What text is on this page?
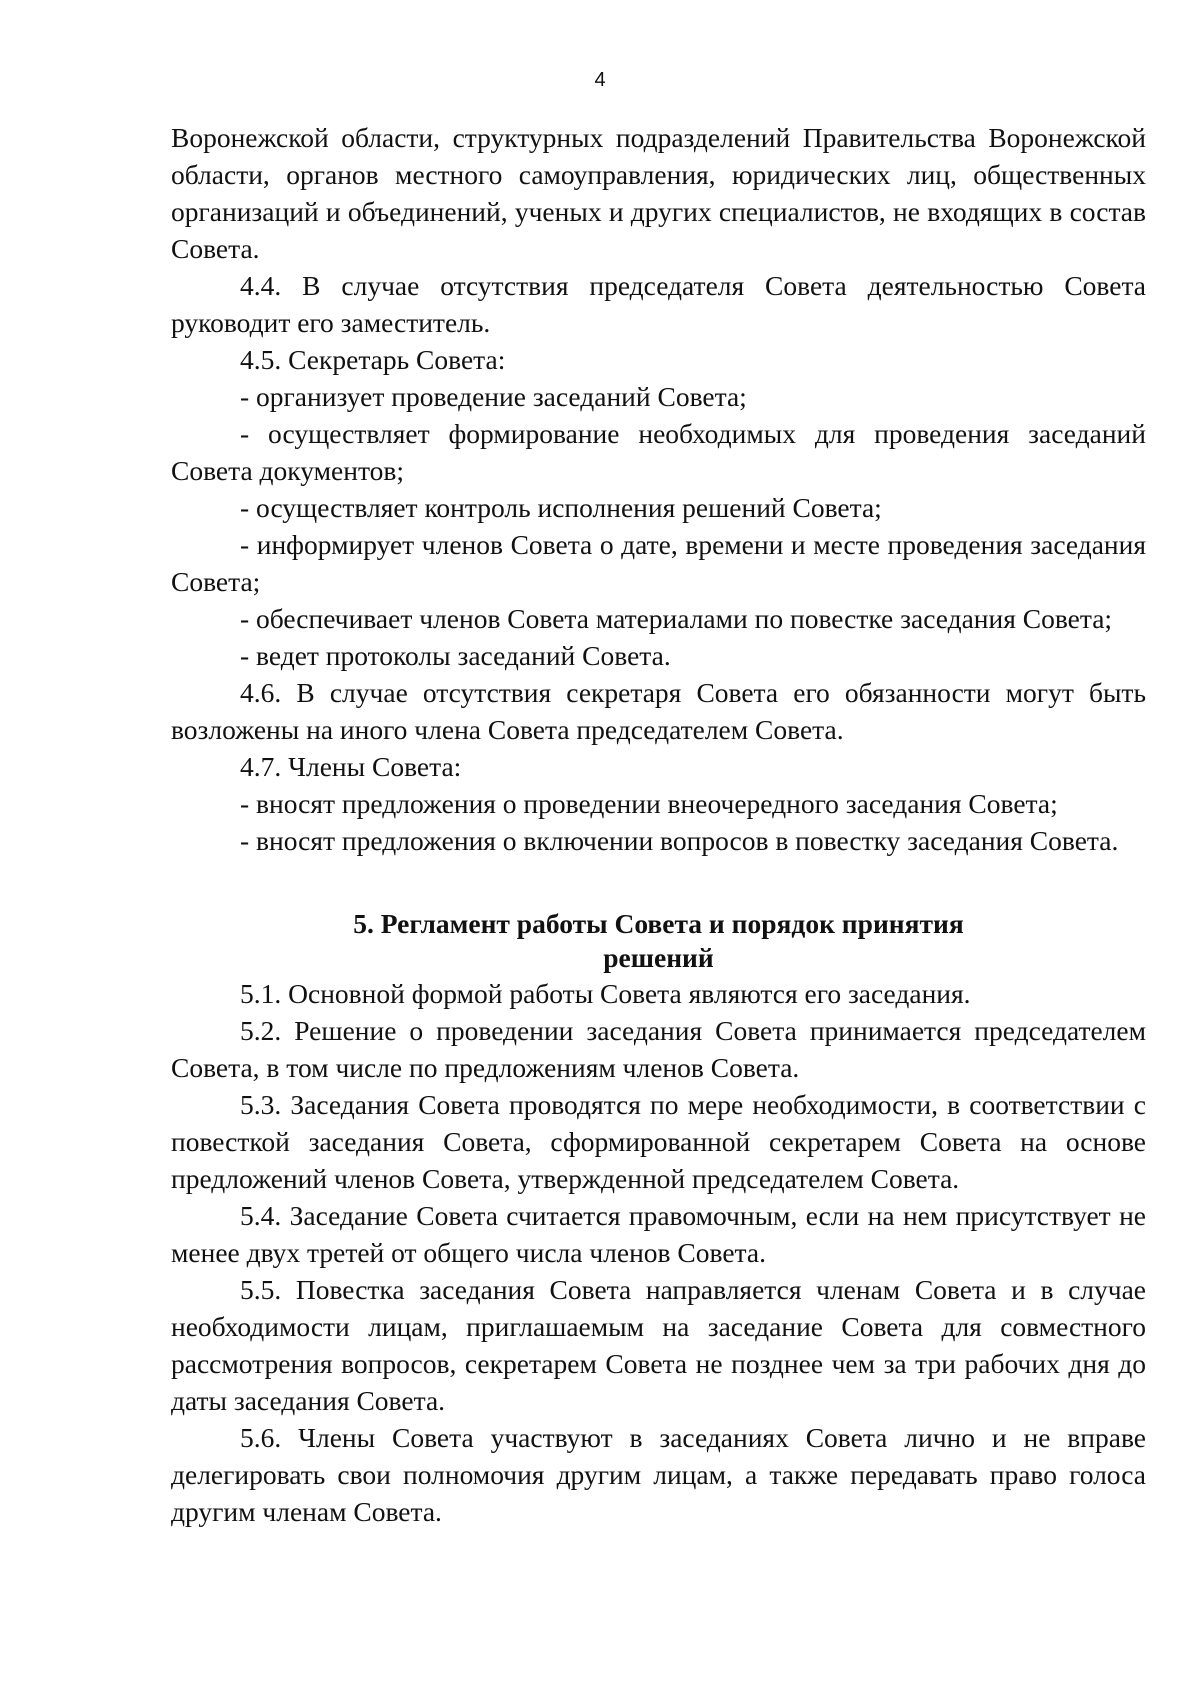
4

Воронежской области, структурных подразделений Правительства Воронежской области, органов местного самоуправления, юридических лиц, общественных организаций и объединений, ученых и других специалистов, не входящих в состав Совета.

4.4. В случае отсутствия председателя Совета деятельностью Совета руководит его заместитель.

4.5. Секретарь Совета:

- организует проведение заседаний Совета;

- осуществляет формирование необходимых для проведения заседаний Совета документов;

- осуществляет контроль исполнения решений Совета;

- информирует членов Совета о дате, времени и месте проведения заседания Совета;

- обеспечивает членов Совета материалами по повестке заседания Совета;

- ведет протоколы заседаний Совета.

4.6. В случае отсутствия секретаря Совета его обязанности могут быть возложены на иного члена Совета председателем Совета.

4.7. Члены Совета:

- вносят предложения о проведении внеочередного заседания Совета;

- вносят предложения о включении вопросов в повестку заседания Совета.

5. Регламент работы Совета и порядок принятия
решений

5.1. Основной формой работы Совета являются его заседания.

5.2. Решение о проведении заседания Совета принимается председателем Совета, в том числе по предложениям членов Совета.

5.3. Заседания Совета проводятся по мере необходимости, в соответствии с повесткой заседания Совета, сформированной секретарем Совета на основе предложений членов Совета, утвержденной председателем Совета.

5.4. Заседание Совета считается правомочным, если на нем присутствует не менее двух третей от общего числа членов Совета.

5.5. Повестка заседания Совета направляется членам Совета и в случае необходимости лицам, приглашаемым на заседание Совета для совместного рассмотрения вопросов, секретарем Совета не позднее чем за три рабочих дня до даты заседания Совета.

5.6. Члены Совета участвуют в заседаниях Совета лично и не вправе делегировать свои полномочия другим лицам, а также передавать право голоса другим членам Совета.
